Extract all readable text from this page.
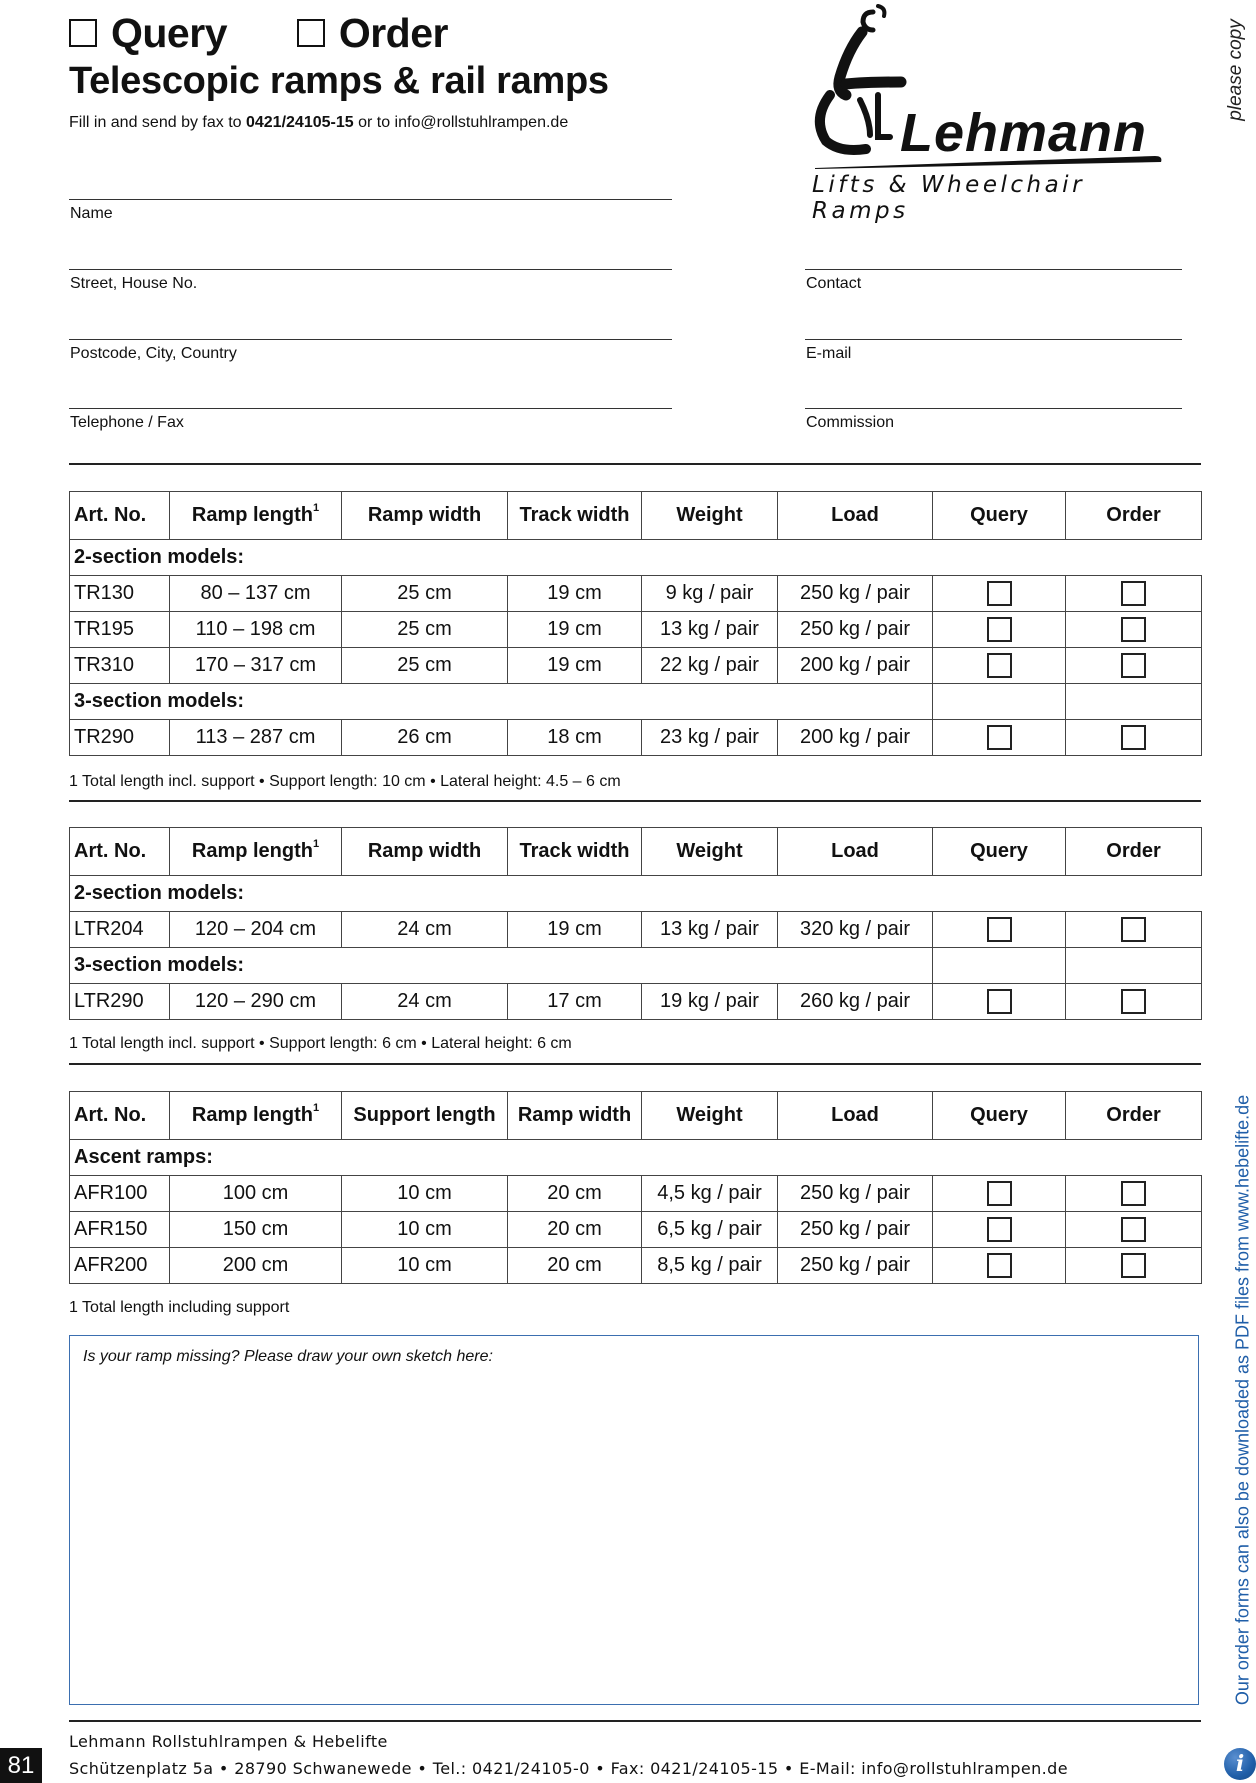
Query	Order
Telescopic ramps & rail ramps
Fill in and send by fax to 0421/24105-15 or to info@rollstuhlrampen.de	Lehmann
Lifts & Wheelchair Ramps
please copy
Our order forms can also be downloaded as PDF files from www.hebelifte.de
Name
Street, House No.
Postcode, City, Country
Telephone / Fax
Contact
E-mail
Commission
Art. No.	Ramp length$^1$	Ramp width	Track width	Weight	Load	Query	Order
2-section models:							
TR130	80 – 137 cm	25 cm	19 cm	9 kg / pair	250 kg / pair		
TR195	110 – 198 cm	25 cm	19 cm	13 kg / pair	250 kg / pair		
TR310	170 – 317 cm	25 cm	19 cm	22 kg / pair	200 kg / pair		
3-section models:							
TR290	113 – 287 cm	26 cm	18 cm	23 kg / pair	200 kg / pair		
1 Total length incl. support • Support length: 10 cm • Lateral height: 4.5 – 6 cm
Art. No.	Ramp length$^1$	Ramp width	Track width	Weight	Load	Query	Order
2-section models:							
LTR204	120 – 204 cm	24 cm	19 cm	13 kg / pair	320 kg / pair		
3-section models:							
LTR290	120 – 290 cm	24 cm	17 cm	19 kg / pair	260 kg / pair		
1 Total length incl. support • Support length: 6 cm • Lateral height: 6 cm
Art. No.	Ramp length$^1$	Support length	Ramp width	Weight	Load	Query	Order
Ascent ramps:							
AFR100	100 cm	10 cm	20 cm	4,5 kg / pair	250 kg / pair		
AFR150	150 cm	10 cm	20 cm	6,5 kg / pair	250 kg / pair		
AFR200	200 cm	10 cm	20 cm	8,5 kg / pair	250 kg / pair		
1 Total length including support
Is your ramp missing? Please draw your own sketch here:
Lehmann Rollstuhlrampen & Hebelifte
Schützenplatz 5a • 28790 Schwanewede • Tel.: 0421/24105-0 • Fax: 0421/24105-15 • E-Mail: info@rollstuhlrampen.de
81	i
